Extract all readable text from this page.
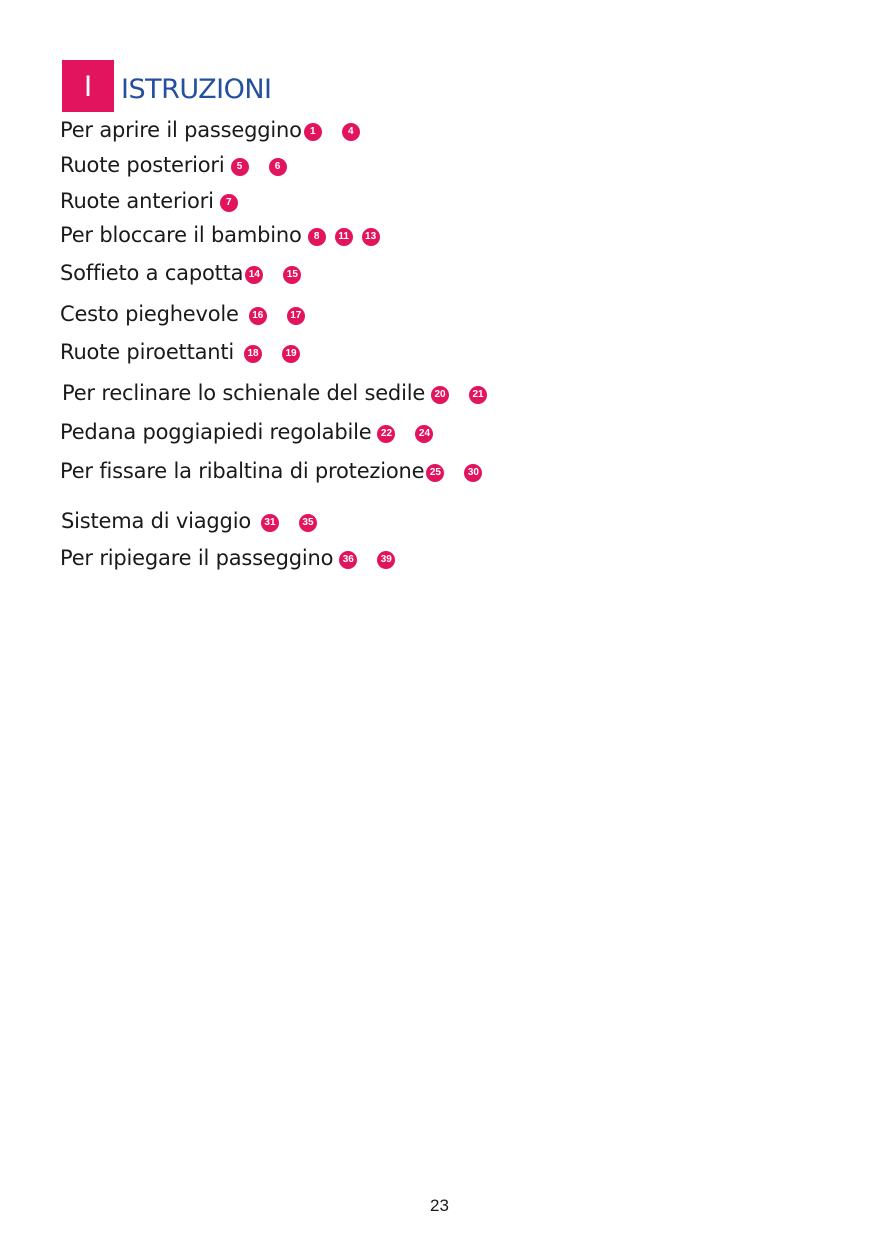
I	ISTRUZIONI
Per aprire il passeggino 1	4
Ruote posteriori	5	6
Ruote anteriori	7
Per bloccare il bambino	8	11	13
Soffieto a capotta 14	15
Cesto pieghevole	16	17
Ruote piroettanti	18	19
Per reclinare lo schienale del sedile 20	21
Pedana poggiapiedi regolabile 22	24
Per fissare la ribaltina di protezione 25	30
Sistema di viaggio	31	35
Per ripiegare il passeggino 36	39
23
